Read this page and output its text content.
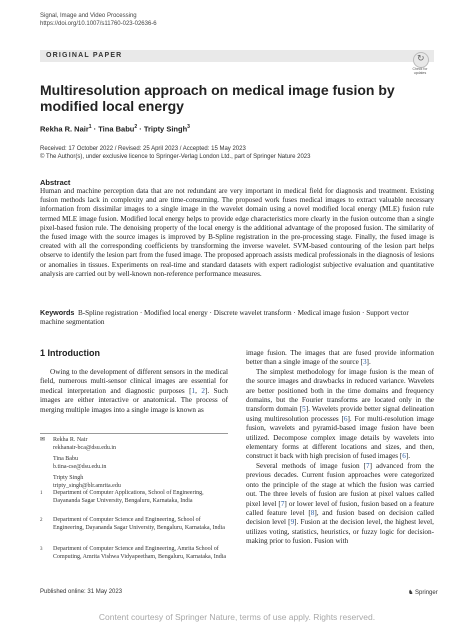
Signal, Image and Video Processing
https://doi.org/10.1007/s11760-023-02636-6
ORIGINAL PAPER	↻
Check for
updates
Multiresolution approach on medical image fusion by modified local energy
Rekha R. Nair$^1$ · Tina Babu$^2$ · Tripty Singh$^3$
Received: 17 October 2022 / Revised: 25 April 2023 / Accepted: 15 May 2023
© The Author(s), under exclusive licence to Springer-Verlag London Ltd., part of Springer Nature 2023
Abstract
Human and machine perception data that are not redundant are very important in medical field for diagnosis and treatment. Existing fusion methods lack in complexity and are time-consuming. The proposed work fuses medical images to extract valuable necessary information from dissimilar images to a single image in the wavelet domain using a novel modified local energy (MLE) fusion rule termed MLE image fusion. Modified local energy helps to provide edge characteristics more clearly in the fusion outcome than a single pixel-based fusion rule. The denoising property of the local energy is the additional advantage of the proposed fusion. The similarity of the fused image with the source images is improved by B-Spline registration in the pre-processing stage. Finally, the fused image is created with all the corresponding coefficients by transforming the inverse wavelet. SVM-based contouring of the lesion part helps observe to identify the lesion part from the fused image. The proposed approach assists medical professionals in the diagnosis of lesions or anomalies in tissues. Experiments on real-time and standard datasets with expert radiologist subjective evaluation and quantitative analysis are carried out by well-known non-reference performance measures.
Keywords B-Spline registration · Modified local energy · Discrete wavelet transform · Medical image fusion · Support vector machine segmentation
1 Introduction
Owing to the development of different sensors in the medical field, numerous multi-sensor clinical images are essential for medical interpretation and diagnostic purposes [1, 2]. Such images are either interactive or anatomical. The process of merging multiple images into a single image is known as
✉ Rekha R. Nair
rekhanair-bca@dsu.edu.in
Tina Babu
b.tina-cse@dsu.edu.in
Tripty Singh
tripty_singh@blr.amrita.edu
1 Department of Computer Applications, School of Engineering, Dayananda Sagar University, Bengaluru, Karnataka, India
2 Department of Computer Science and Engineering, School of Engineering, Dayananda Sagar University, Bengaluru, Karnataka, India
3 Department of Computer Science and Engineering, Amrita School of Computing, Amrita Vishwa Vidyapeetham, Bengaluru, Karnataka, India
image fusion. The images that are fused provide information better than a single image of the source [3].
The simplest methodology for image fusion is the mean of the source images and drawbacks in reduced variance. Wavelets are better positioned both in the time domains and frequency domains, but the Fourier transforms are located only in the transform domain [5]. Wavelets provide better signal delineation using multiresolution processes [6]. For multi-resolution image fusion, wavelets and pyramid-based image fusion have been utilized. Decompose complex image details by wavelets into elementary forms at different locations and sizes, and then, construct it back with high precision of fused images [6].
Several methods of image fusion [7] advanced from the previous decades. Current fusion approaches were categorized onto the principle of the stage at which the fusion was carried out. The three levels of fusion are fusion at pixel values called pixel level [7] or lower level of fusion, fusion based on a feature called feature level [8], and fusion based on decision called decision level [9]. Fusion at the decision level, the highest level, utilizes voting, statistics, heuristics, or fuzzy logic for decision-making prior to fusion. Fusion with
Published online: 31 May 2023	♞ Springer
Content courtesy of Springer Nature, terms of use apply. Rights reserved.
